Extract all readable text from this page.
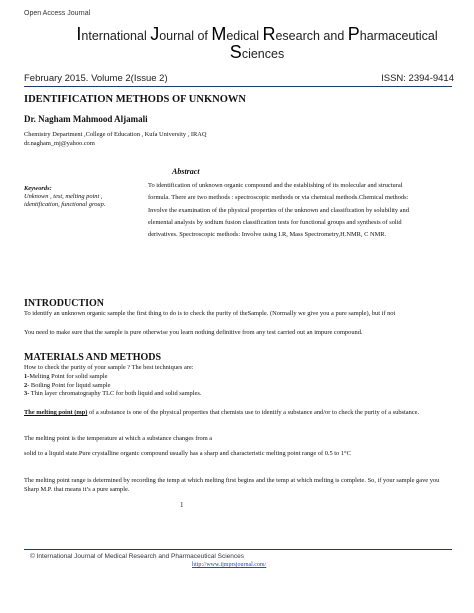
Open Access Journal
International Journal of Medical Research and Pharmaceutical
Sciences
February 2015. Volume 2(Issue 2)	ISSN: 2394-9414
IDENTIFICATION METHODS OF UNKNOWN
Dr. Nagham Mahmood Aljamali
Chemistry Department ,College of Education , Kufa University , IRAQ
dr.nagham_mj@yahoo.com
Abstract
Keywords:
Unknown , test, melting point , identification, functional group.
To identification of unknown organic compound and the establishing of its molecular and structural formula. There are two methods : spectroscopic methods or via chemical methods.Chemical methods: Involve the examination of the physical properties of the unknown and classification by solubility and elemental analysis by sodium fusion classification tests for functional groups and synthesis of solid derivatives. Spectroscopic methods: Involve using I.R, Mass Spectrometry,H.NMR, C NMR.
INTRODUCTION
To identify an unknown organic sample the first thing to do is to check the purity of theSample. (Normally we give you a pure sample), but if not
You need to make sure that the sample is pure otherwise you learn nothing definitive from any test carried out an impure compound.
MATERIALS AND METHODS
How to check the purity of your sample ? The best techniques are:
1-Melting Point for solid sample
2- Boiling Point for liquid sample
3- Thin layer chromatography TLC for both liquid and solid samples.
The melting point (mp) of a substance is one of the physical properties that chemists use to identify a substance and/or to check the purity of a substance.
The melting point is the temperature at which a substance changes from a
solid to a liquid state.Pure crystalline organic compound usually has a sharp and characteristic melting point range of 0.5 to 1°C
The melting point range is determined by recording the temp at which melting first begins and the temp at which melting is complete. So, if your sample gave you Sharp M.P. that means it’s a pure sample.
1
© International Journal of Medical Research and Pharmaceutical Sciences
http://www.ijmprsjournal.com/
